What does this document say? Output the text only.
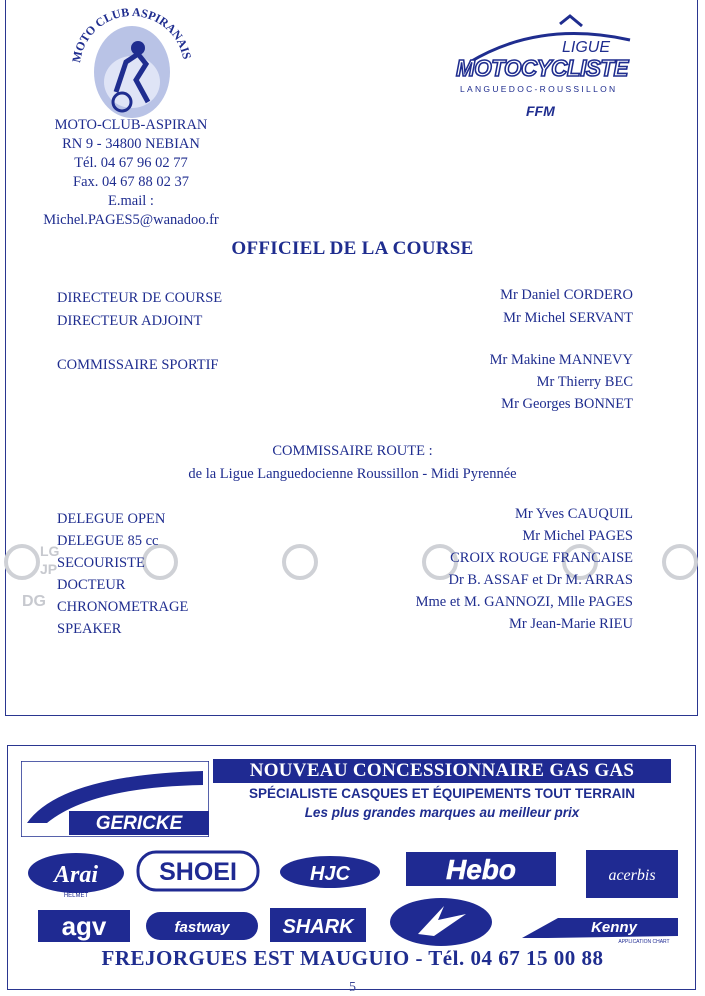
​
MOTO CLUB ASPIRANAIS
MOTO-CLUB-ASPIRAN
RN 9 - 34800 NEBIAN
Tél. 04 67 96 02 77
Fax. 04 67 88 02 37
E.mail :
Michel.PAGES5@wanadoo.fr
LIGUE
MOTOCYCLISTE
LANGUEDOC-ROUSSILLON
FFM
OFFICIEL DE LA COURSE
DIRECTEUR DE COURSE	Mr Daniel CORDERO
DIRECTEUR ADJOINT	Mr Michel SERVANT
COMMISSAIRE SPORTIF	Mr Makine MANNEVY
Mr Thierry BEC
Mr Georges BONNET
COMMISSAIRE ROUTE :
de la Ligue Languedocienne Roussillon - Midi Pyrennée
LG
JP
DG
DELEGUE OPEN	Mr Yves CAUQUIL
DELEGUE 85 cc	Mr Michel PAGES
SECOURISTE	CROIX ROUGE FRANCAISE
DOCTEUR	Dr B. ASSAF et Dr M. ARRAS
CHRONOMETRAGE	Mme et M. GANNOZI, Mlle PAGES
SPEAKER	Mr Jean-Marie RIEU
GERICKE
NOUVEAU CONCESSIONNAIRE GAS GAS
SPÉCIALISTE CASQUES ET ÉQUIPEMENTS TOUT TERRAIN
Les plus grandes marques au meilleur prix
Arai
HELMET
SHOEI	HJC	Hebo	acerbis
agv	fastway	SHARK	Kenny
APPLICATION CHART
FREJORGUES EST MAUGUIO - Tél. 04 67 15 00 88
5
